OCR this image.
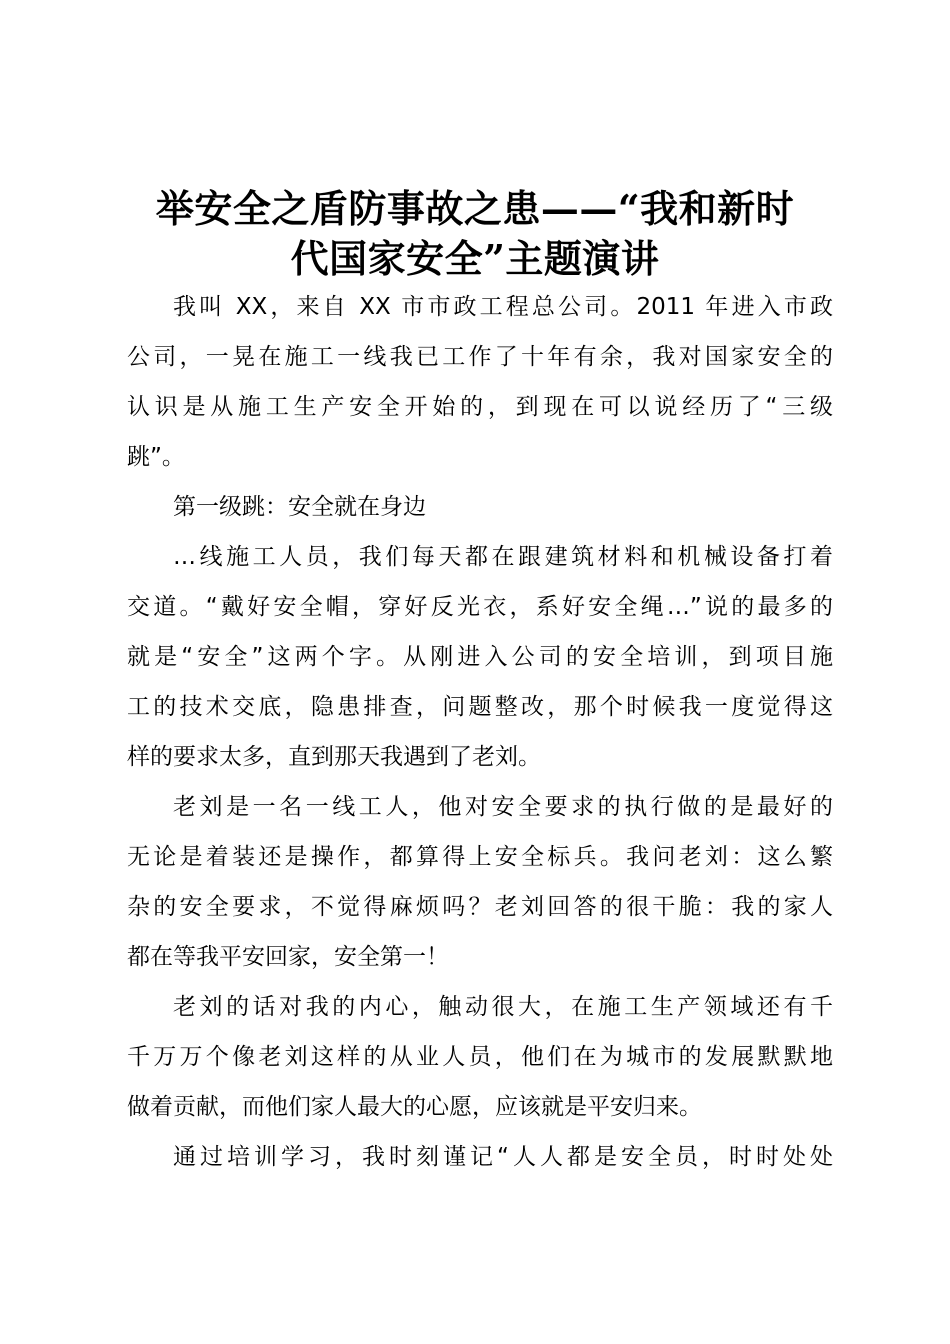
举安全之盾防事故之患——“我和新时
代国家安全”主题演讲
我叫 XX，来自 XX 市市政工程总公司。2011 年进入市政
公司，一晃在施工一线我已工作了十年有余，我对国家安全的
认识是从施工生产安全开始的，到现在可以说经历了“三级
跳”。
第一级跳：安全就在身边
…线施工人员，我们每天都在跟建筑材料和机械设备打着
交道。“戴好安全帽，穿好反光衣，系好安全绳…”说的最多的
就是“安全”这两个字。从刚进入公司的安全培训，到项目施
工的技术交底，隐患排查，问题整改，那个时候我一度觉得这
样的要求太多，直到那天我遇到了老刘。
老刘是一名一线工人，他对安全要求的执行做的是最好的
无论是着装还是操作，都算得上安全标兵。我问老刘：这么繁
杂的安全要求，不觉得麻烦吗？老刘回答的很干脆：我的家人
都在等我平安回家，安全第一！
老刘的话对我的内心，触动很大，在施工生产领域还有千
千万万个像老刘这样的从业人员，他们在为城市的发展默默地
做着贡献，而他们家人最大的心愿，应该就是平安归来。
通过培训学习，我时刻谨记“人人都是安全员，时时处处
